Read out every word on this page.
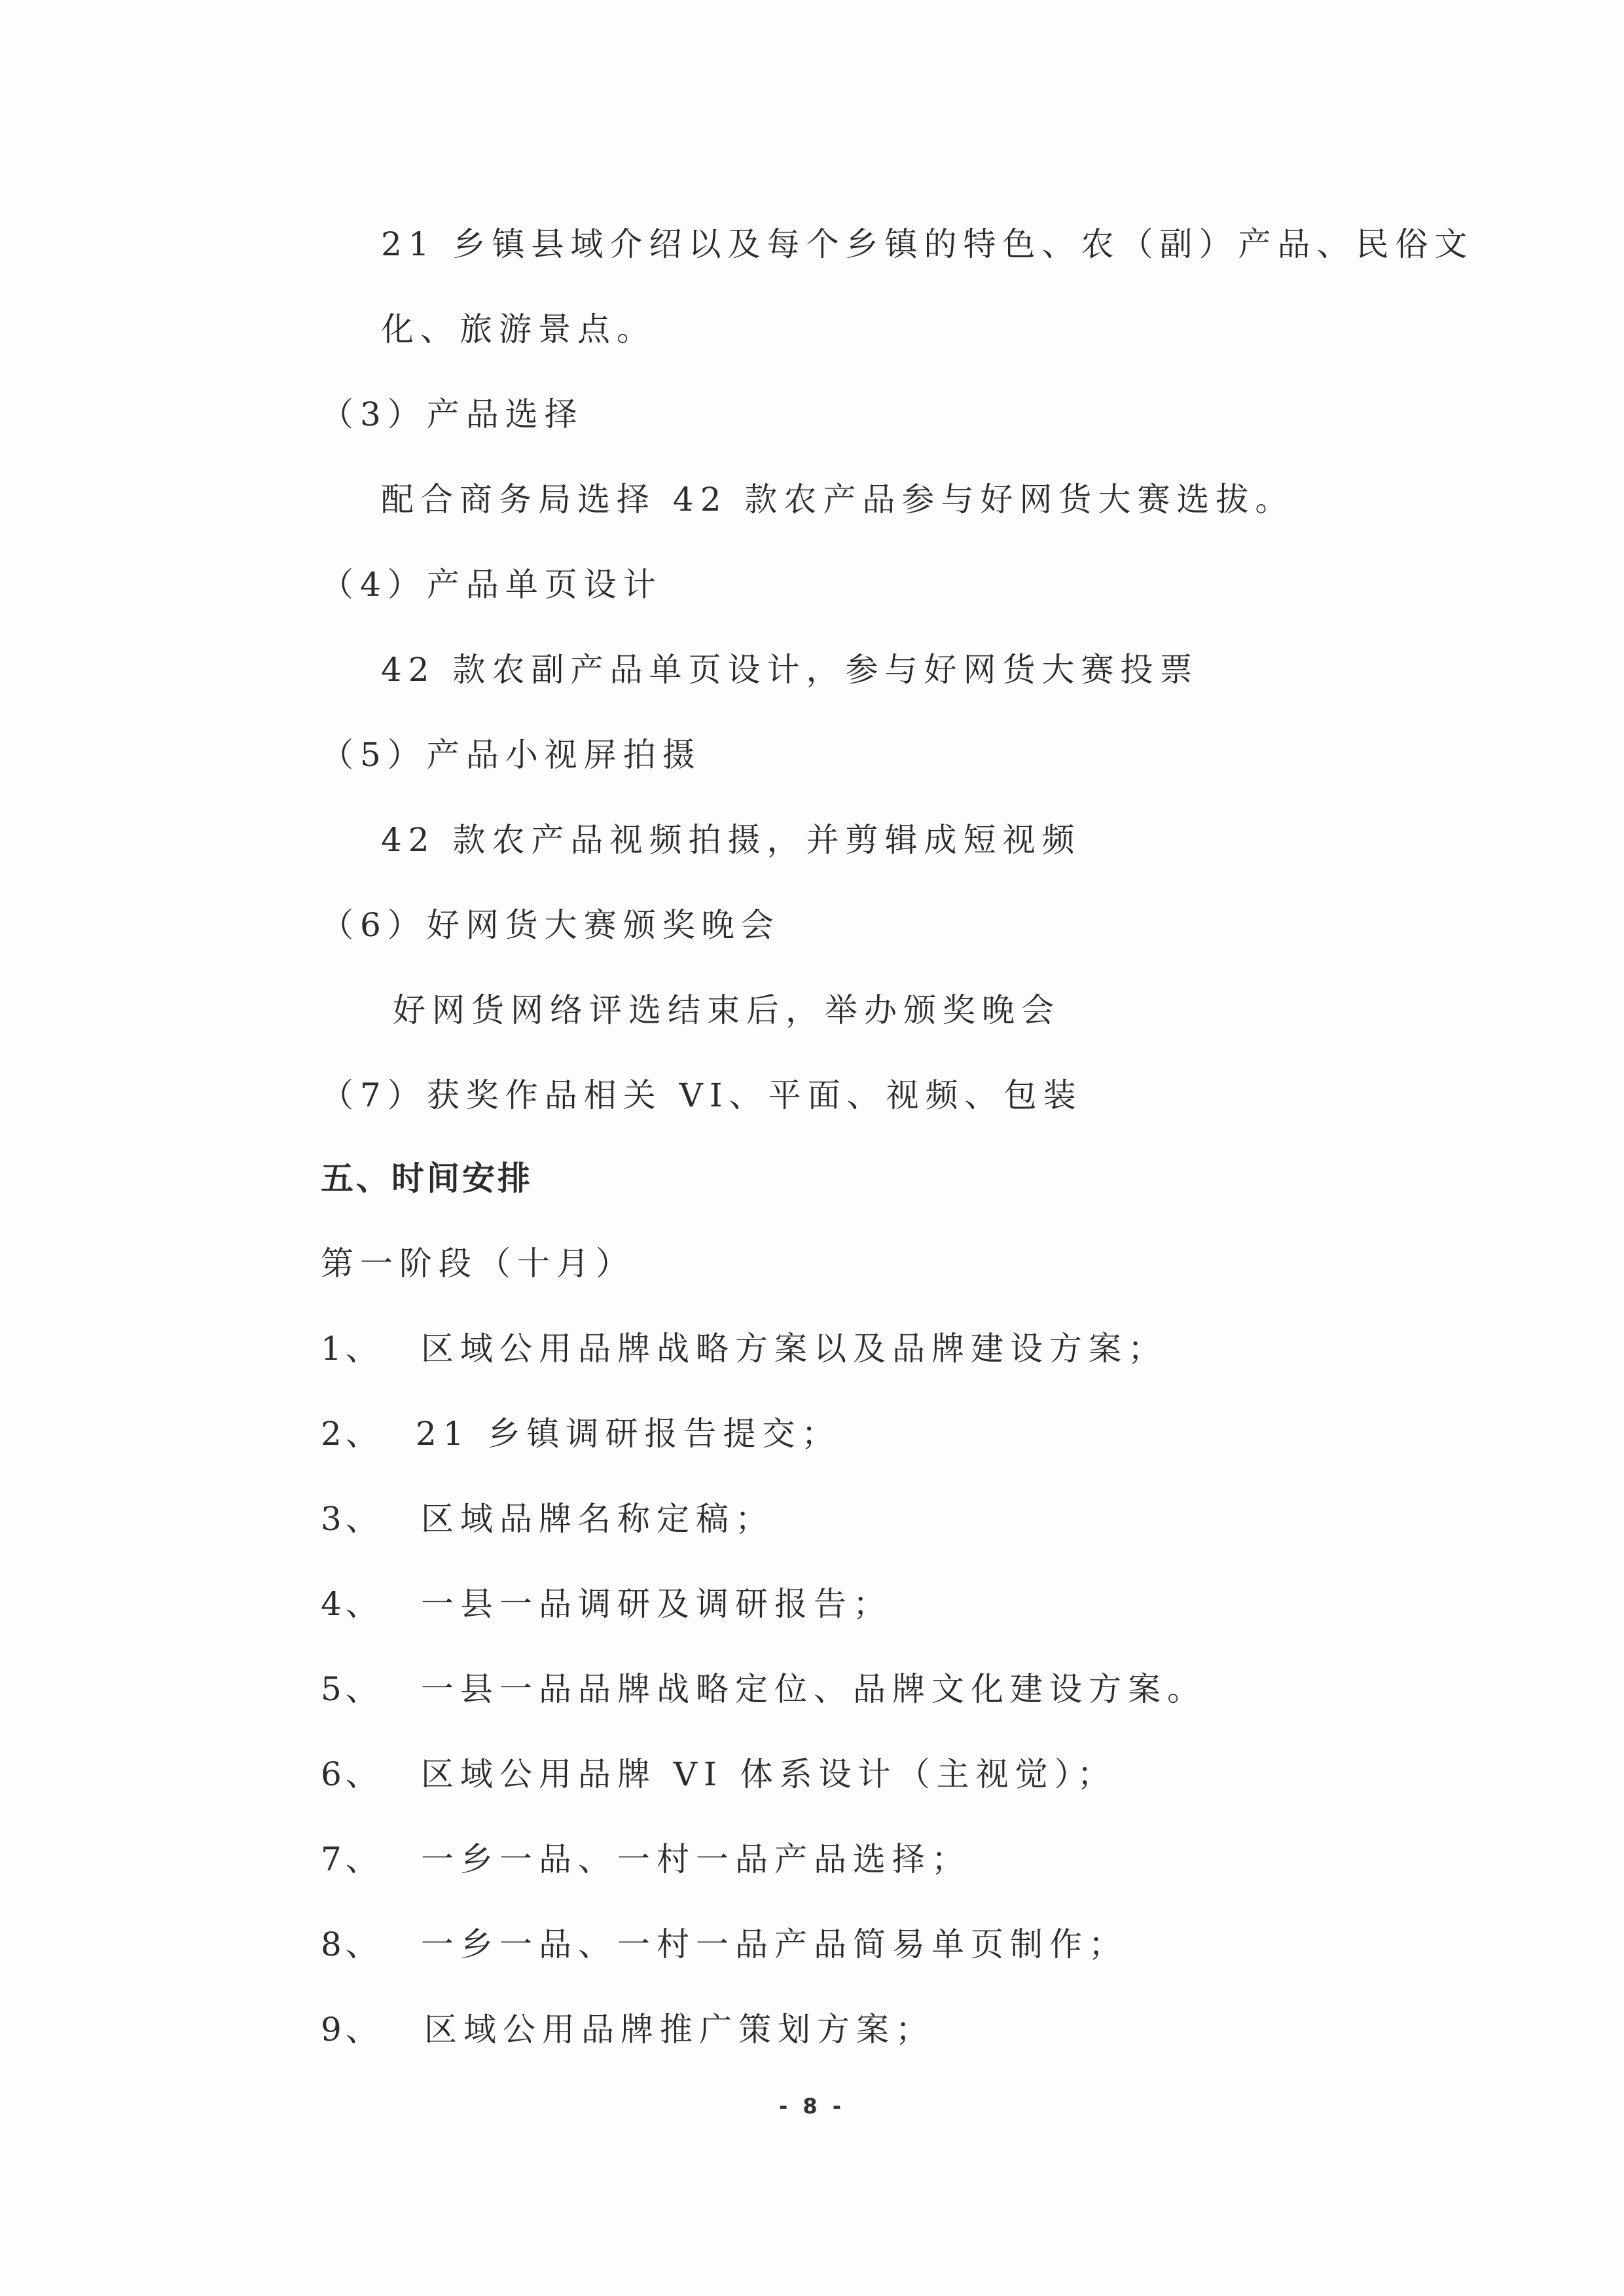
21 乡镇县域介绍以及每个乡镇的特色、农（副）产品、民俗文
化、旅游景点。
（3）产品选择
配合商务局选择 42 款农产品参与好网货大赛选拔。
（4）产品单页设计
42 款农副产品单页设计，参与好网货大赛投票
（5）产品小视屏拍摄
42 款农产品视频拍摄，并剪辑成短视频
（6）好网货大赛颁奖晚会
好网货网络评选结束后，举办颁奖晚会
（7）获奖作品相关 VI、平面、视频、包装
五、时间安排
第一阶段（十月）
1、 区域公用品牌战略方案以及品牌建设方案；
2、 21 乡镇调研报告提交；
3、 区域品牌名称定稿；
4、 一县一品调研及调研报告；
5、 一县一品品牌战略定位、品牌文化建设方案。
6、 区域公用品牌 VI 体系设计（主视觉）；
7、 一乡一品、一村一品产品选择；
8、 一乡一品、一村一品产品简易单页制作；
9、 区域公用品牌推广策划方案；
- 8 -
